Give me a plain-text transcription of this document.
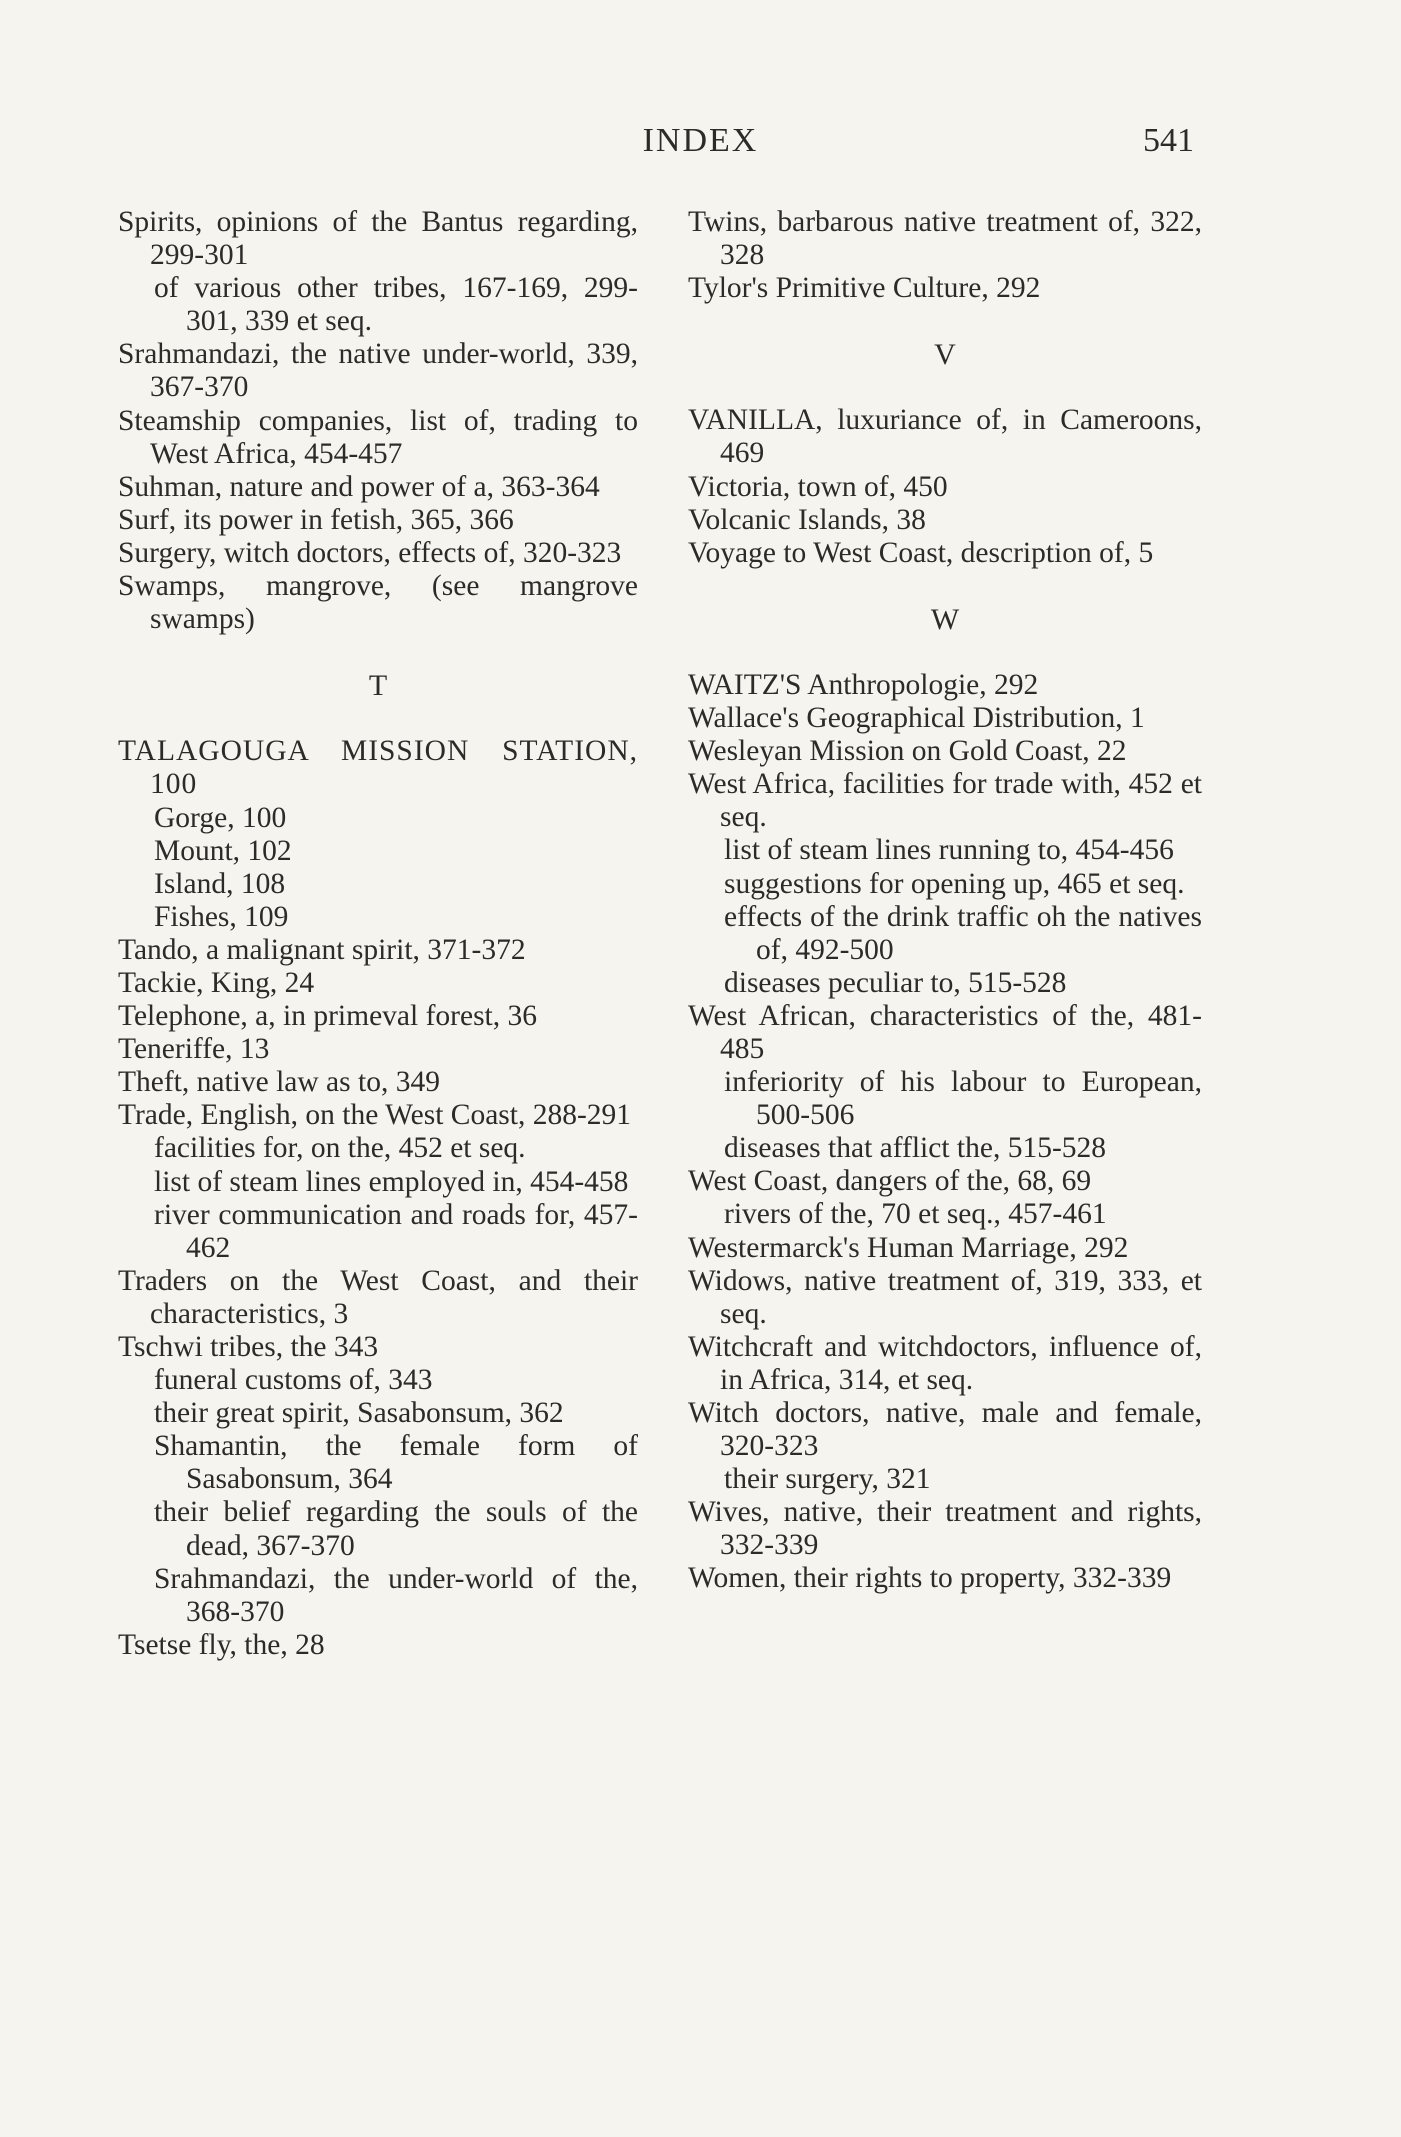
INDEX	541
Spirits, opinions of the Bantus regarding, 299-301
of various other tribes, 167-169, 299-301, 339 et seq.
Srahmandazi, the native under-world, 339, 367-370
Steamship companies, list of, trading to West Africa, 454-457
Suhman, nature and power of a, 363-364
Surf, its power in fetish, 365, 366
Surgery, witch doctors, effects of, 320-323
Swamps, mangrove, (see mangrove swamps)
T
TALAGOUGA MISSION STATION, 100
Gorge, 100
Mount, 102
Island, 108
Fishes, 109
Tando, a malignant spirit, 371-372
Tackie, King, 24
Telephone, a, in primeval forest, 36
Teneriffe, 13
Theft, native law as to, 349
Trade, English, on the West Coast, 288-291
facilities for, on the, 452 et seq.
list of steam lines employed in, 454-458
river communication and roads for, 457-462
Traders on the West Coast, and their characteristics, 3
Tschwi tribes, the 343
funeral customs of, 343
their great spirit, Sasabonsum, 362
Shamantin, the female form of Sasabonsum, 364
their belief regarding the souls of the dead, 367-370
Srahmandazi, the under-world of the, 368-370
Tsetse fly, the, 28
Twins, barbarous native treatment of, 322, 328
Tylor's Primitive Culture, 292
V
VANILLA, luxuriance of, in Cameroons, 469
Victoria, town of, 450
Volcanic Islands, 38
Voyage to West Coast, description of, 5
W
WAITZ'S Anthropologie, 292
Wallace's Geographical Distribution, 1
Wesleyan Mission on Gold Coast, 22
West Africa, facilities for trade with, 452 et seq.
list of steam lines running to, 454-456
suggestions for opening up, 465 et seq.
effects of the drink traffic oh the natives of, 492-500
diseases peculiar to, 515-528
West African, characteristics of the, 481-485
inferiority of his labour to European, 500-506
diseases that afflict the, 515-528
West Coast, dangers of the, 68, 69
rivers of the, 70 et seq., 457-461
Westermarck's Human Marriage, 292
Widows, native treatment of, 319, 333, et seq.
Witchcraft and witchdoctors, influence of, in Africa, 314, et seq.
Witch doctors, native, male and female, 320-323
their surgery, 321
Wives, native, their treatment and rights, 332-339
Women, their rights to property, 332-339
